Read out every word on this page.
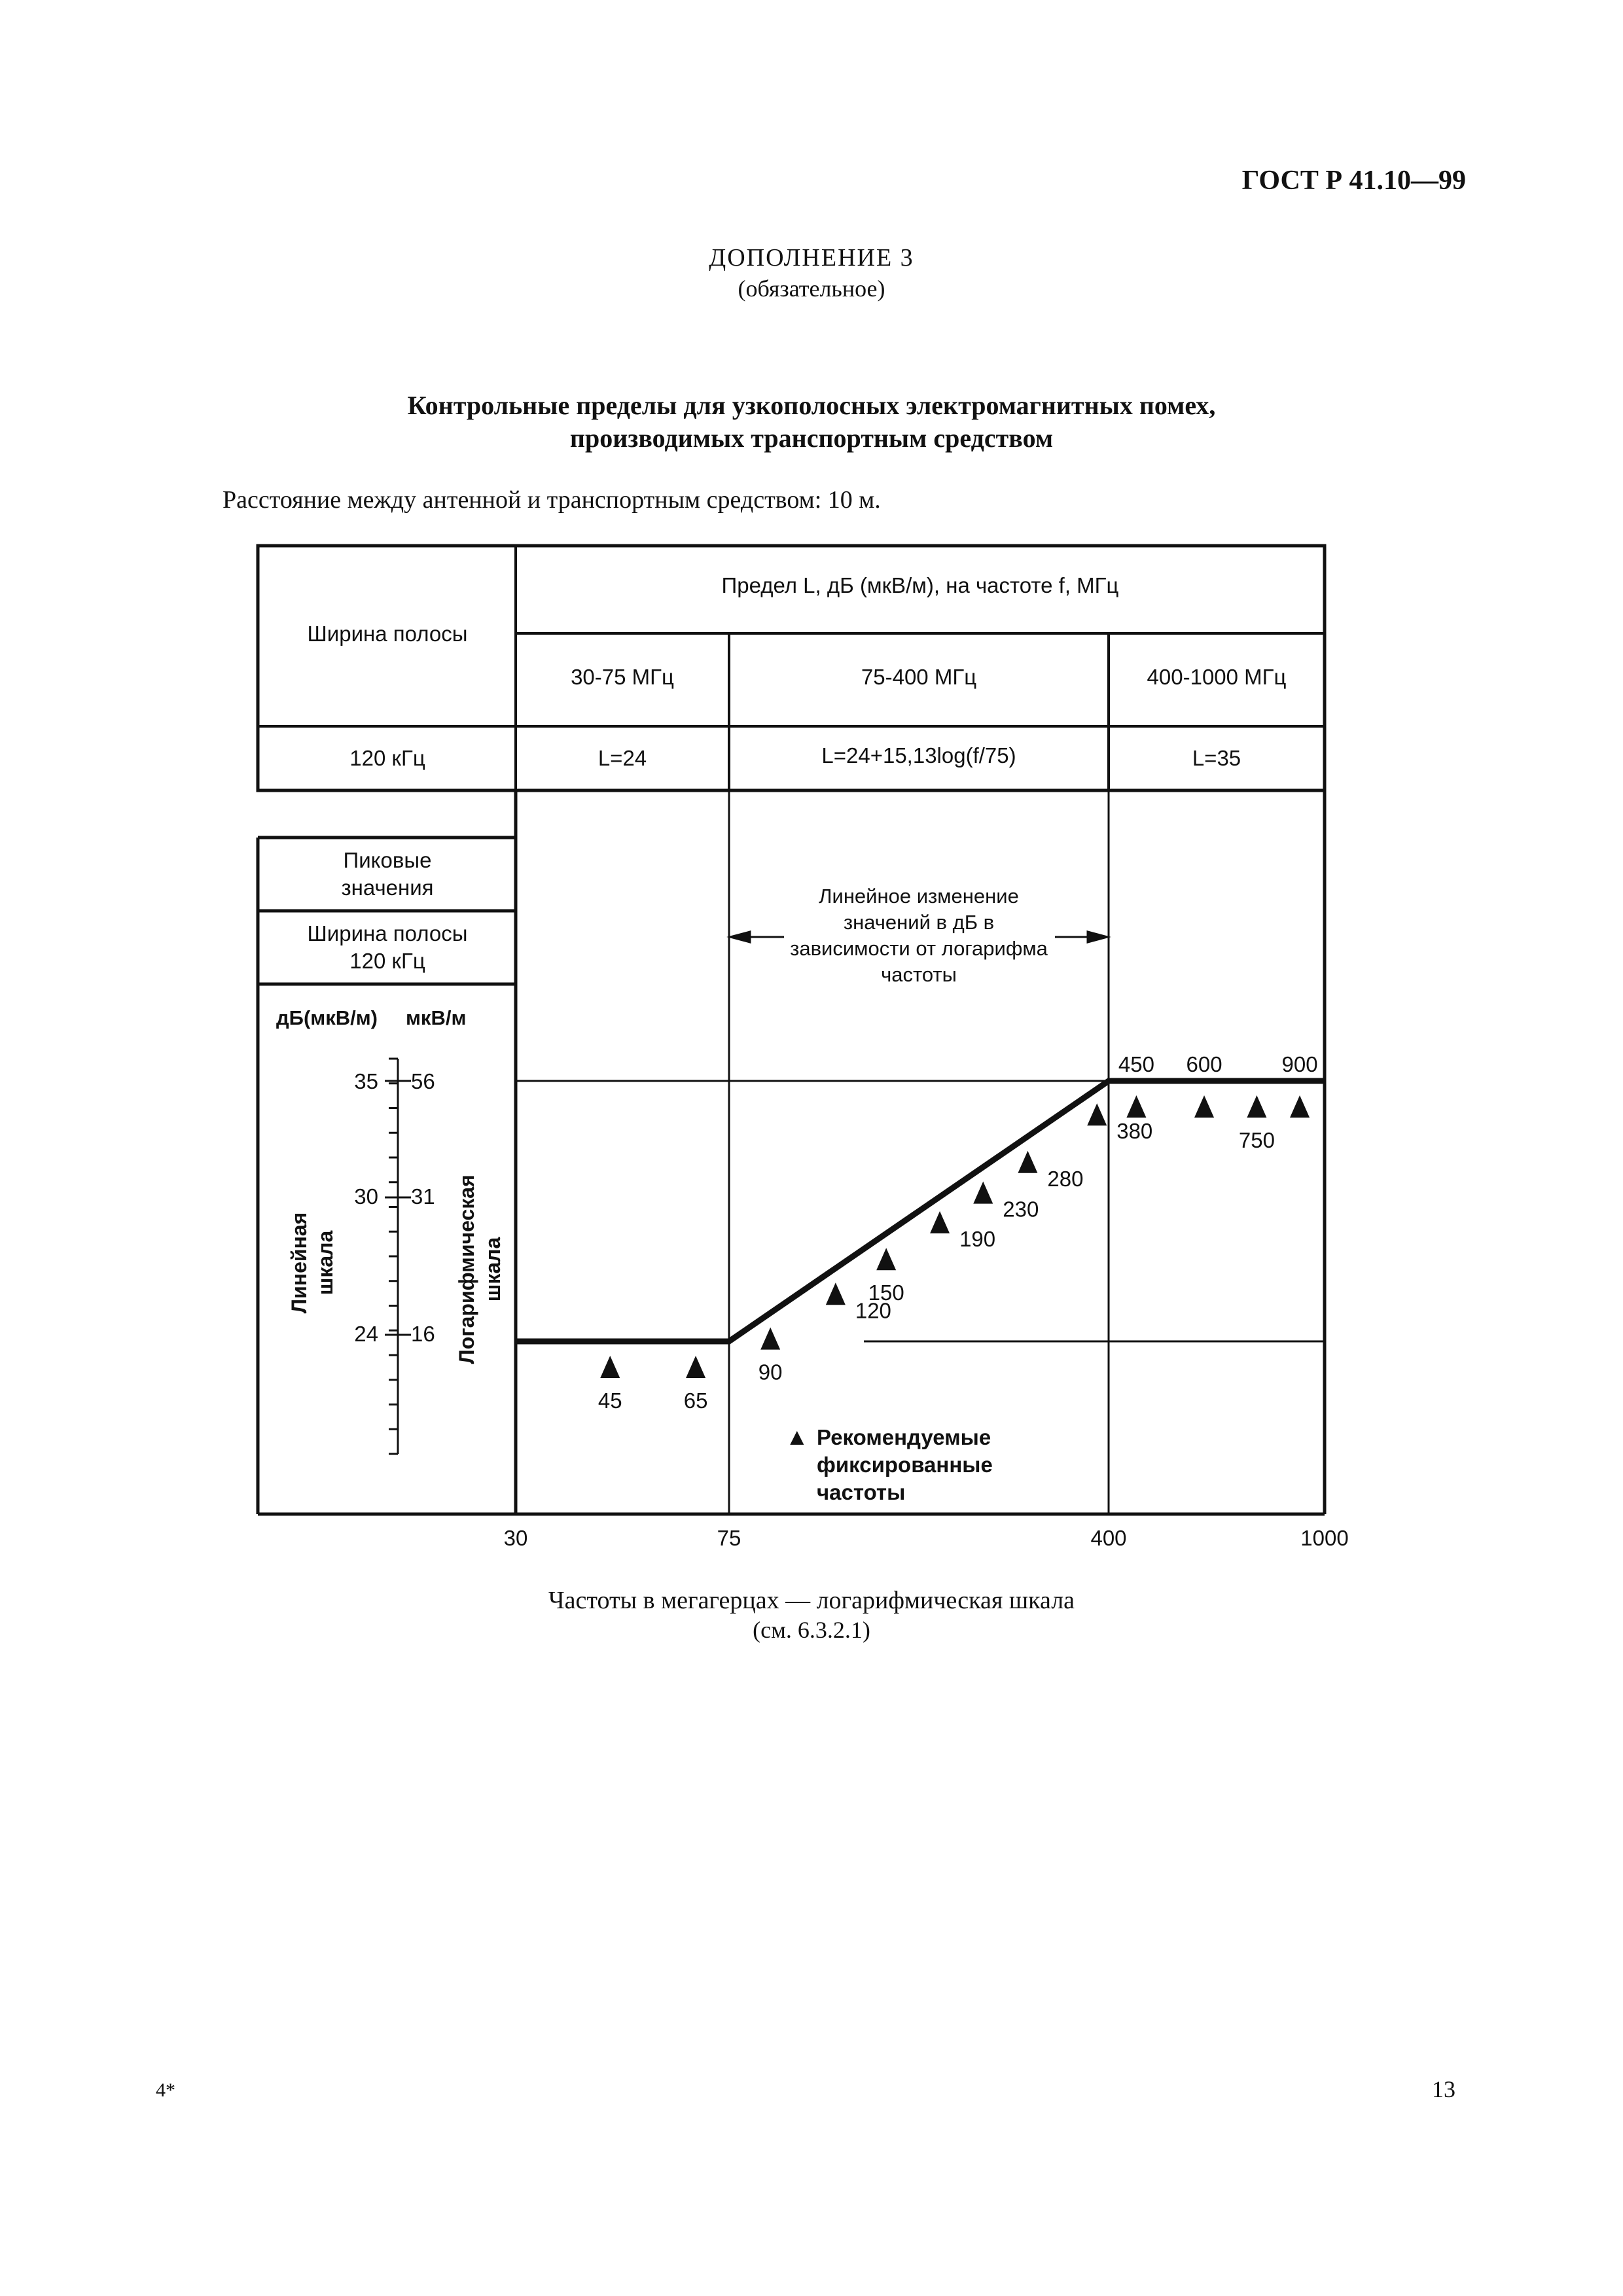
ГОСТ Р 41.10—99
ДОПОЛНЕНИЕ 3
(обязательное)
Контрольные пределы для узкополосных электромагнитных помех,
производимых транспортным средством
Расстояние между антенной и транспортным средством: 10 м.
Ширина полосы
Предел L, дБ (мкВ/м), на частоте f, МГц
30-75 МГц	75-400 МГц	400-1000 МГц
120 кГц	L=24	L=24+15,13log(f/75)	L=35
Пиковые
значения
Ширина полосы
120 кГц
дБ(мкВ/м) мкВ/м
35 56
30 31
24 16
Линейная шкала	Логарифмическая шкала
Линейное изменение
значений в дБ в
зависимости от логарифма
частоты
45	65
90
120
150
190
230
280
380
450 600
750
900
▲ Рекомендуемые
фиксированные
частоты
30	75	400	1000
Частоты в мегагерцах — логарифмическая шкала
(см. 6.3.2.1)
4*	13
